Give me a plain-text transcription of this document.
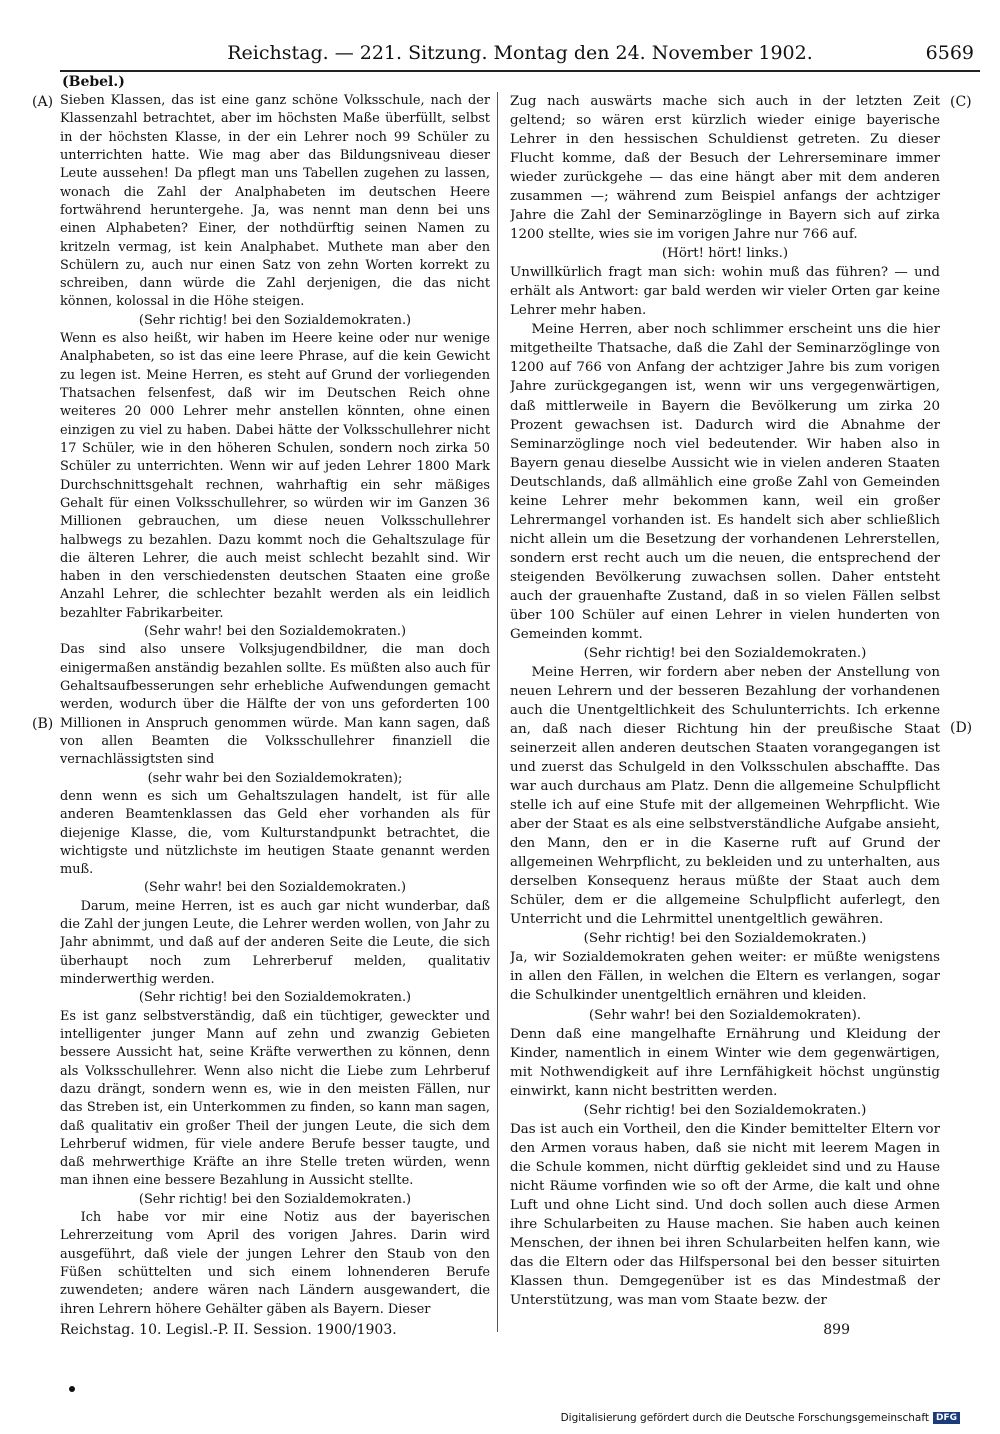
Reichstag. — 221. Sitzung. Montag den 24. November 1902.	6569
(Bebel.)
(A)
(B)
(C)
(D)

Sieben Klassen, das ist eine ganz schöne Volksschule, nach der Klassenzahl betrachtet, aber im höchsten Maße überfüllt, selbst in der höchsten Klasse, in der ein Lehrer noch 99 Schüler zu unterrichten hatte. Wie mag aber das Bildungsniveau dieser Leute aussehen! Da pflegt man uns Tabellen zugehen zu lassen, wonach die Zahl der Analphabeten im deutschen Heere fortwährend heruntergehe. Ja, was nennt man denn bei uns einen Alphabeten? Einer, der nothdürftig seinen Namen zu kritzeln vermag, ist kein Analphabet. Muthete man aber den Schülern zu, auch nur einen Satz von zehn Worten korrekt zu schreiben, dann würde die Zahl derjenigen, die das nicht können, kolossal in die Höhe steigen.

(Sehr richtig! bei den Sozialdemokraten.)

Wenn es also heißt, wir haben im Heere keine oder nur wenige Analphabeten, so ist das eine leere Phrase, auf die kein Gewicht zu legen ist. Meine Herren, es steht auf Grund der vorliegenden Thatsachen felsenfest, daß wir im Deutschen Reich ohne weiteres 20 000 Lehrer mehr anstellen könnten, ohne einen einzigen zu viel zu haben. Dabei hätte der Volksschullehrer nicht 17 Schüler, wie in den höheren Schulen, sondern noch zirka 50 Schüler zu unterrichten. Wenn wir auf jeden Lehrer 1800 Mark Durchschnittsgehalt rechnen, wahrhaftig ein sehr mäßiges Gehalt für einen Volksschullehrer, so würden wir im Ganzen 36 Millionen gebrauchen, um diese neuen Volksschullehrer halbwegs zu bezahlen. Dazu kommt noch die Gehaltszulage für die älteren Lehrer, die auch meist schlecht bezahlt sind. Wir haben in den verschiedensten deutschen Staaten eine große Anzahl Lehrer, die schlechter bezahlt werden als ein leidlich bezahlter Fabrikarbeiter.

(Sehr wahr! bei den Sozialdemokraten.)

Das sind also unsere Volksjugendbildner, die man doch einigermaßen anständig bezahlen sollte. Es müßten also auch für Gehaltsaufbesserungen sehr erhebliche Aufwendungen gemacht werden, wodurch über die Hälfte der von uns geforderten 100 Millionen in Anspruch genommen würde. Man kann sagen, daß von allen Beamten die Volksschullehrer finanziell die vernachlässigtsten sind

(sehr wahr bei den Sozialdemokraten);

denn wenn es sich um Gehaltszulagen handelt, ist für alle anderen Beamtenklassen das Geld eher vorhanden als für diejenige Klasse, die, vom Kulturstandpunkt betrachtet, die wichtigste und nützlichste im heutigen Staate genannt werden muß.

(Sehr wahr! bei den Sozialdemokraten.)

Darum, meine Herren, ist es auch gar nicht wunderbar, daß die Zahl der jungen Leute, die Lehrer werden wollen, von Jahr zu Jahr abnimmt, und daß auf der anderen Seite die Leute, die sich überhaupt noch zum Lehrerberuf melden, qualitativ minderwerthig werden.

(Sehr richtig! bei den Sozialdemokraten.)

Es ist ganz selbstverständig, daß ein tüchtiger, geweckter und intelligenter junger Mann auf zehn und zwanzig Gebieten bessere Aussicht hat, seine Kräfte verwerthen zu können, denn als Volksschullehrer. Wenn also nicht die Liebe zum Lehrberuf dazu drängt, sondern wenn es, wie in den meisten Fällen, nur das Streben ist, ein Unterkommen zu finden, so kann man sagen, daß qualitativ ein großer Theil der jungen Leute, die sich dem Lehrberuf widmen, für viele andere Berufe besser taugte, und daß mehrwerthige Kräfte an ihre Stelle treten würden, wenn man ihnen eine bessere Bezahlung in Aussicht stellte.

(Sehr richtig! bei den Sozialdemokraten.)

Ich habe vor mir eine Notiz aus der bayerischen Lehrerzeitung vom April des vorigen Jahres. Darin wird ausgeführt, daß viele der jungen Lehrer den Staub von den Füßen schüttelten und sich einem lohnenderen Berufe zuwendeten; andere wären nach Ländern ausgewandert, die ihren Lehrern höhere Gehälter gäben als Bayern. Dieser

Zug nach auswärts mache sich auch in der letzten Zeit geltend; so wären erst kürzlich wieder einige bayerische Lehrer in den hessischen Schuldienst getreten. Zu dieser Flucht komme, daß der Besuch der Lehrerseminare immer wieder zurückgehe — das eine hängt aber mit dem anderen zusammen —; während zum Beispiel anfangs der achtziger Jahre die Zahl der Seminarzöglinge in Bayern sich auf zirka 1200 stellte, wies sie im vorigen Jahre nur 766 auf.

(Hört! hört! links.)

Unwillkürlich fragt man sich: wohin muß das führen? — und erhält als Antwort: gar bald werden wir vieler Orten gar keine Lehrer mehr haben.

Meine Herren, aber noch schlimmer erscheint uns die hier mitgetheilte Thatsache, daß die Zahl der Seminarzöglinge von 1200 auf 766 von Anfang der achtziger Jahre bis zum vorigen Jahre zurückgegangen ist, wenn wir uns vergegenwärtigen, daß mittlerweile in Bayern die Bevölkerung um zirka 20 Prozent gewachsen ist. Dadurch wird die Abnahme der Seminarzöglinge noch viel bedeutender. Wir haben also in Bayern genau dieselbe Aussicht wie in vielen anderen Staaten Deutschlands, daß allmählich eine große Zahl von Gemeinden keine Lehrer mehr bekommen kann, weil ein großer Lehrermangel vorhanden ist. Es handelt sich aber schließlich nicht allein um die Besetzung der vorhandenen Lehrerstellen, sondern erst recht auch um die neuen, die entsprechend der steigenden Bevölkerung zuwachsen sollen. Daher entsteht auch der grauenhafte Zustand, daß in so vielen Fällen selbst über 100 Schüler auf einen Lehrer in vielen hunderten von Gemeinden kommt.

(Sehr richtig! bei den Sozialdemokraten.)

Meine Herren, wir fordern aber neben der Anstellung von neuen Lehrern und der besseren Bezahlung der vorhandenen auch die Unentgeltlichkeit des Schulunterrichts. Ich erkenne an, daß nach dieser Richtung hin der preußische Staat seinerzeit allen anderen deutschen Staaten vorangegangen ist und zuerst das Schulgeld in den Volksschulen abschaffte. Das war auch durchaus am Platz. Denn die allgemeine Schulpflicht stelle ich auf eine Stufe mit der allgemeinen Wehrpflicht. Wie aber der Staat es als eine selbstverständliche Aufgabe ansieht, den Mann, den er in die Kaserne ruft auf Grund der allgemeinen Wehrpflicht, zu bekleiden und zu unterhalten, aus derselben Konsequenz heraus müßte der Staat auch dem Schüler, dem er die allgemeine Schulpflicht auferlegt, den Unterricht und die Lehrmittel unentgeltlich gewähren.

(Sehr richtig! bei den Sozialdemokraten.)

Ja, wir Sozialdemokraten gehen weiter: er müßte wenigstens in allen den Fällen, in welchen die Eltern es verlangen, sogar die Schulkinder unentgeltlich ernähren und kleiden.

(Sehr wahr! bei den Sozialdemokraten).

Denn daß eine mangelhafte Ernährung und Kleidung der Kinder, namentlich in einem Winter wie dem gegenwärtigen, mit Nothwendigkeit auf ihre Lernfähigkeit höchst ungünstig einwirkt, kann nicht bestritten werden.

(Sehr richtig! bei den Sozialdemokraten.)

Das ist auch ein Vortheil, den die Kinder bemittelter Eltern vor den Armen voraus haben, daß sie nicht mit leerem Magen in die Schule kommen, nicht dürftig gekleidet sind und zu Hause nicht Räume vorfinden wie so oft der Arme, die kalt und ohne Luft und ohne Licht sind. Und doch sollen auch diese Armen ihre Schularbeiten zu Hause machen. Sie haben auch keinen Menschen, der ihnen bei ihren Schularbeiten helfen kann, wie das die Eltern oder das Hilfspersonal bei den besser situirten Klassen thun. Demgegenüber ist es das Mindestmaß der Unterstützung, was man vom Staate bezw. der

Reichstag. 10. Legisl.-P. II. Session. 1900/1903.	899
Digitalisierung gefördert durch die Deutsche Forschungsgemeinschaft DFG
